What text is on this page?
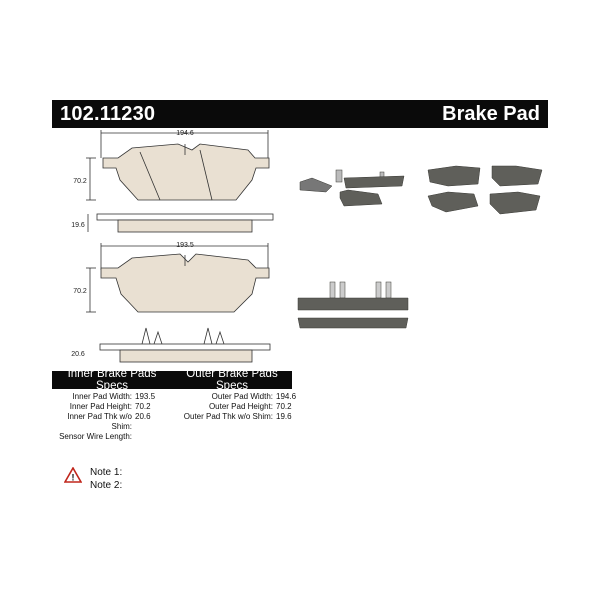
102.11230	Brake Pad
194.6
70.2
19.6
193.5
70.2
20.6
Inner Brake Pads Specs
Outer Brake Pads Specs
Inner Pad Width: 193.5
Inner Pad Height: 70.2
Inner Pad Thk w/o Shim:
20.6
Sensor Wire Length:
Outer Pad Width: 194.6
Outer Pad Height: 70.2
Outer Pad Thk w/o Shim: 19.6
! Note 1:
Note 2:
